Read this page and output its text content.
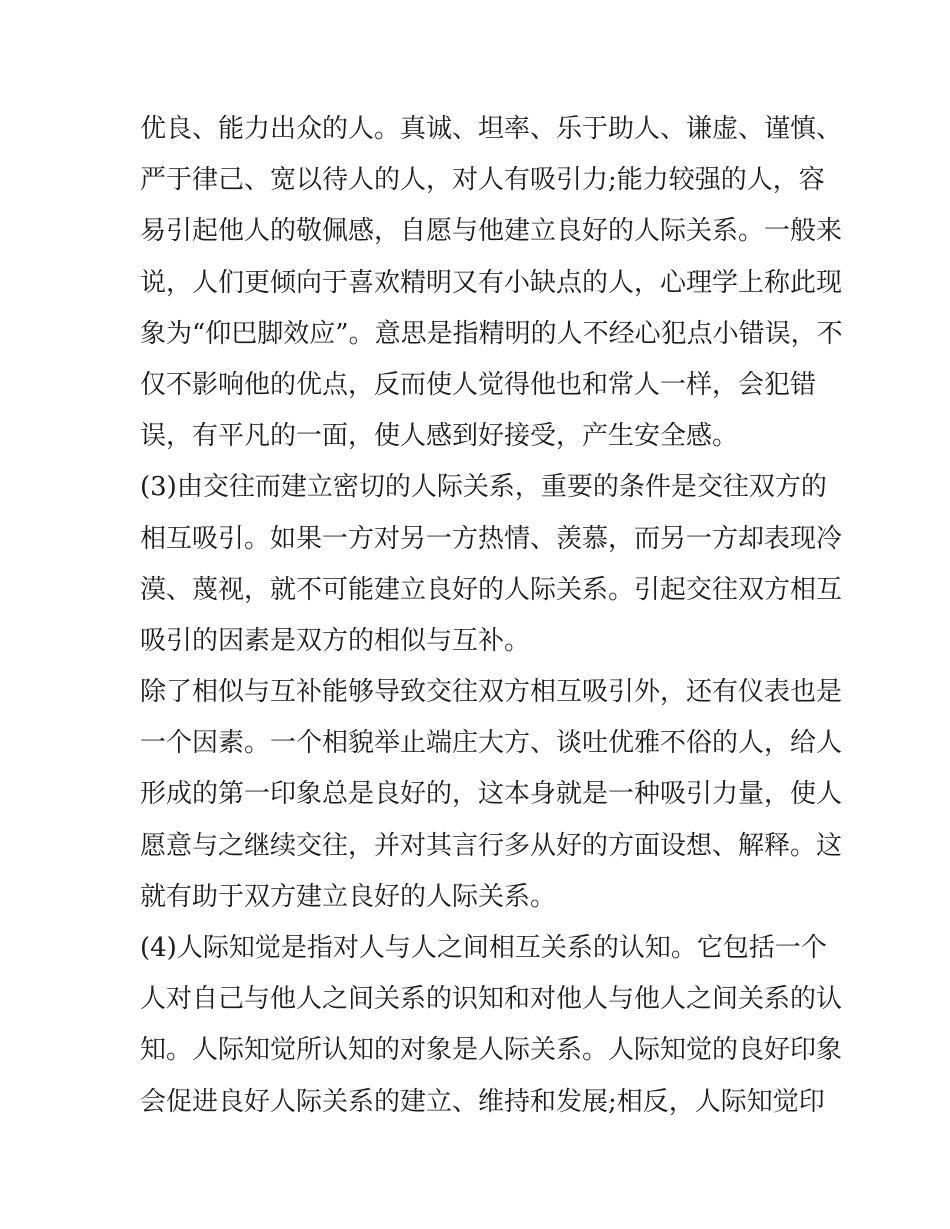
优良、能力出众的人。真诚、坦率、乐于助人、谦虚、谨慎、
严于律己、宽以待人的人，对人有吸引力;能力较强的人，容
易引起他人的敬佩感，自愿与他建立良好的人际关系。一般来
说，人们更倾向于喜欢精明又有小缺点的人，心理学上称此现
象为“仰巴脚效应”。意思是指精明的人不经心犯点小错误，不
仅不影响他的优点，反而使人觉得他也和常人一样，会犯错
误，有平凡的一面，使人感到好接受，产生安全感。
(3)由交往而建立密切的人际关系，重要的条件是交往双方的
相互吸引。如果一方对另一方热情、羡慕，而另一方却表现冷
漠、蔑视，就不可能建立良好的人际关系。引起交往双方相互
吸引的因素是双方的相似与互补。
除了相似与互补能够导致交往双方相互吸引外，还有仪表也是
一个因素。一个相貌举止端庄大方、谈吐优雅不俗的人，给人
形成的第一印象总是良好的，这本身就是一种吸引力量，使人
愿意与之继续交往，并对其言行多从好的方面设想、解释。这
就有助于双方建立良好的人际关系。
(4)人际知觉是指对人与人之间相互关系的认知。它包括一个
人对自己与他人之间关系的识知和对他人与他人之间关系的认
知。人际知觉所认知的对象是人际关系。人际知觉的良好印象
会促进良好人际关系的建立、维持和发展;相反，人际知觉印
